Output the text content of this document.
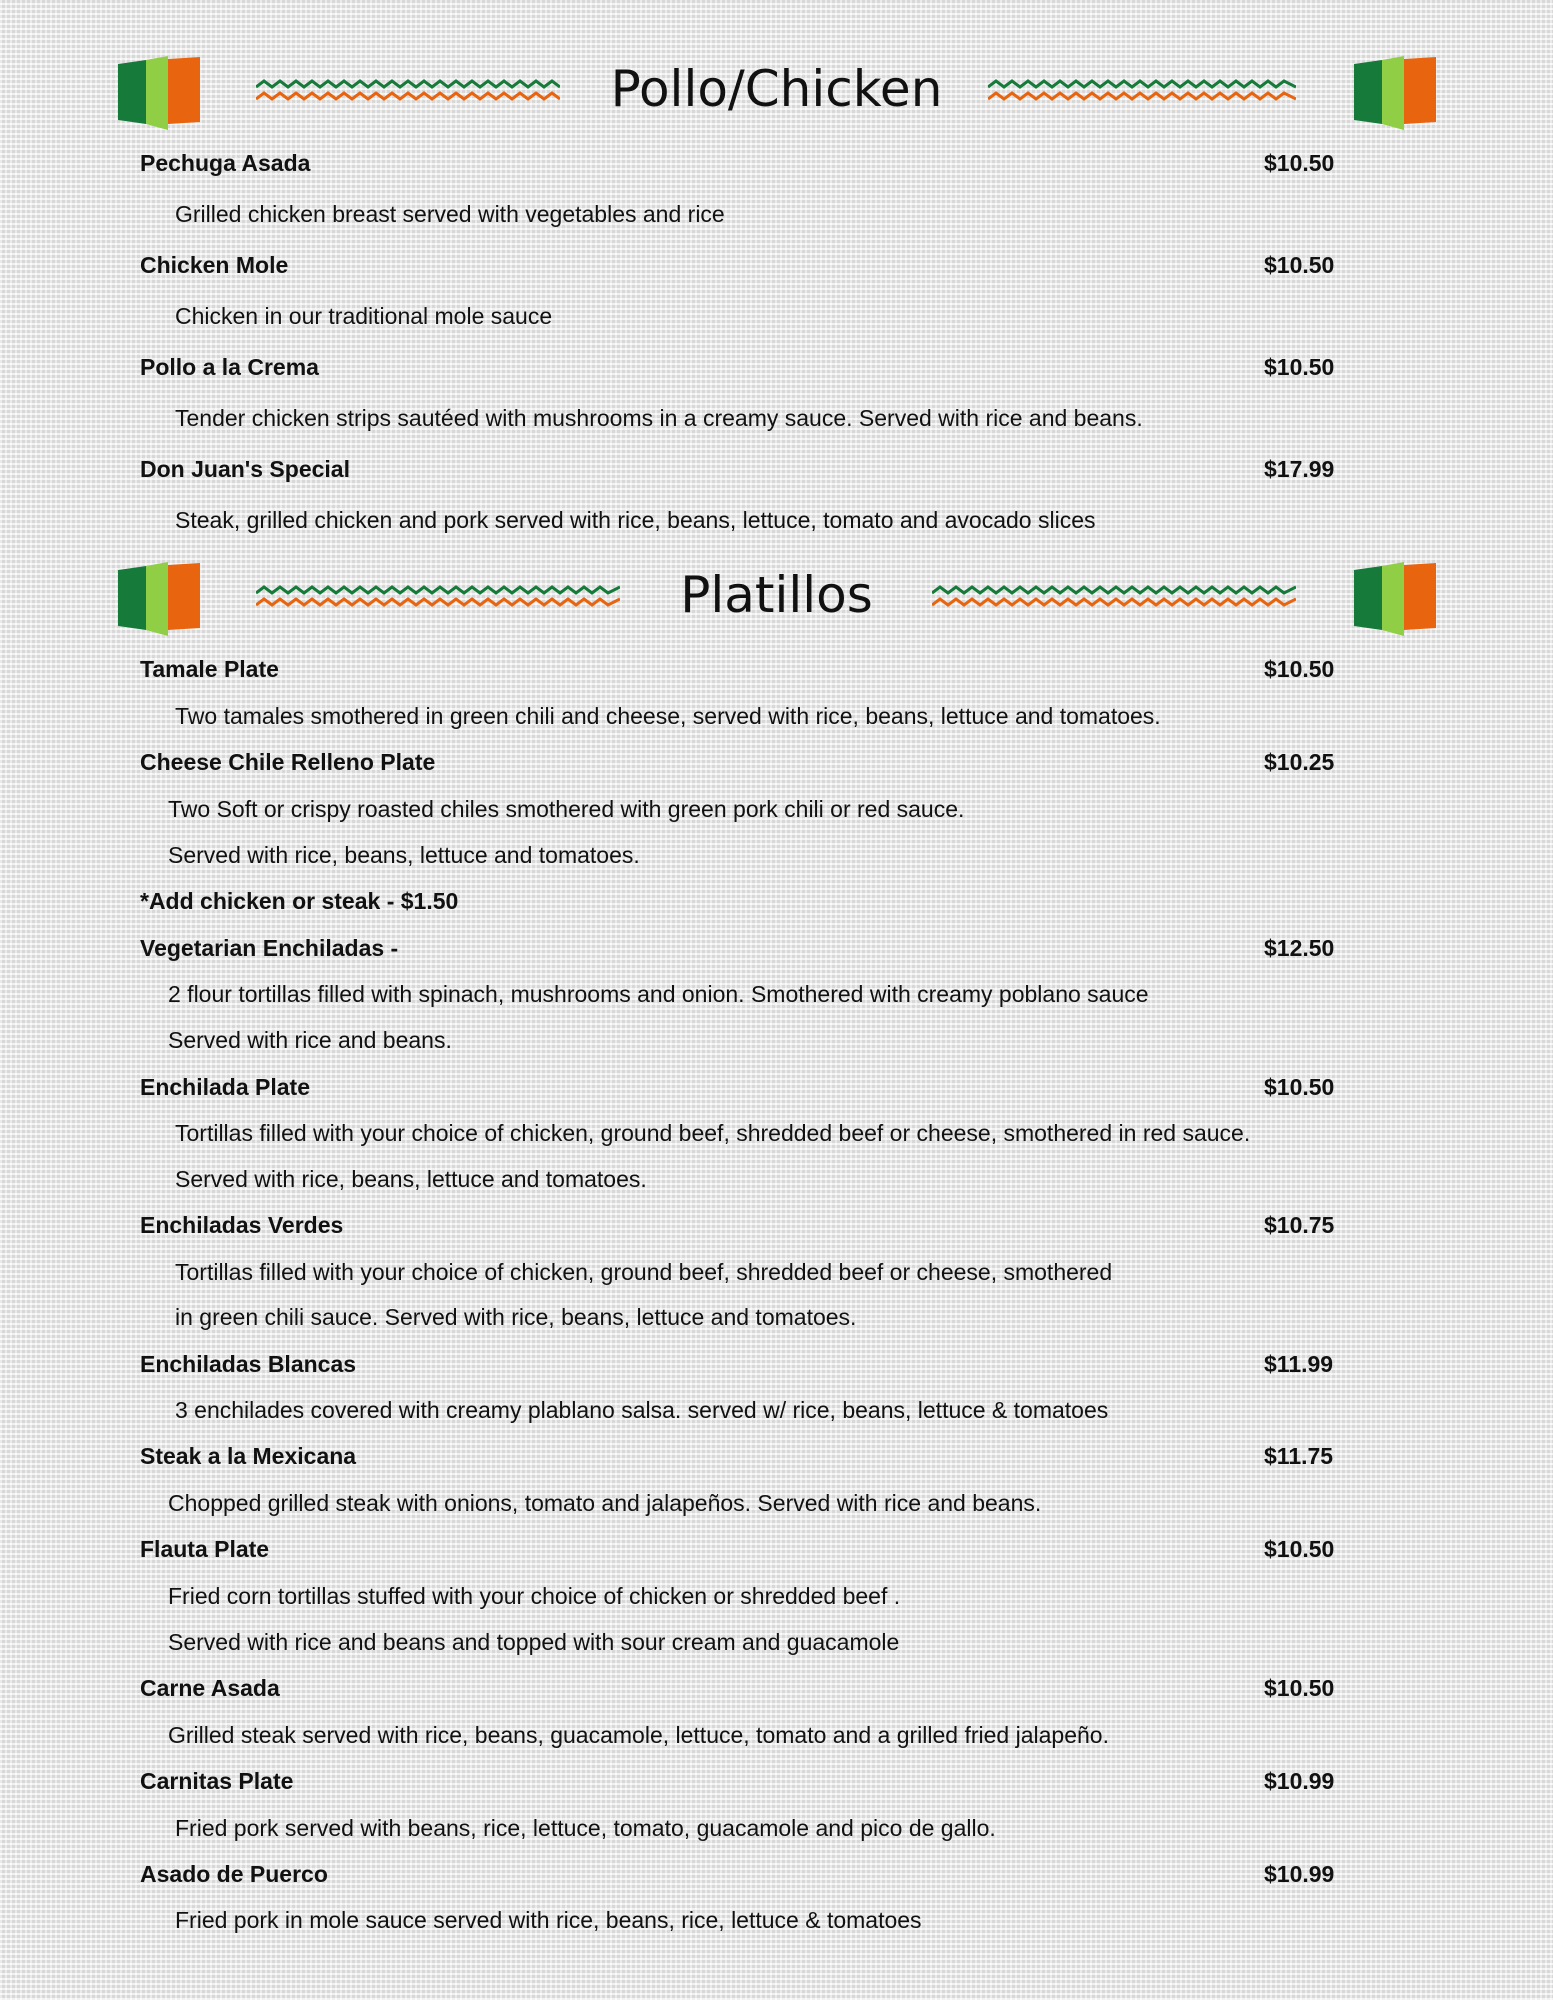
Pollo/Chicken
Pechuga Asada	$10.50
Grilled chicken breast served with vegetables and rice
Chicken Mole	$10.50
Chicken in our traditional mole sauce
Pollo a la Crema	$10.50
Tender chicken strips sautéed with mushrooms in a creamy sauce. Served with rice and beans.
Don Juan's Special	$17.99
Steak, grilled chicken and pork served with rice, beans, lettuce, tomato and avocado slices
Platillos
Tamale Plate	$10.50
Two tamales smothered in green chili and cheese, served with rice, beans, lettuce and tomatoes.
Cheese Chile Relleno Plate	$10.25
Two Soft or crispy roasted chiles smothered with green pork chili or red sauce.
Served with rice, beans, lettuce and tomatoes.
*Add chicken or steak - $1.50
Vegetarian Enchiladas -	$12.50
2 flour tortillas filled with spinach, mushrooms and onion. Smothered with creamy poblano sauce
Served with rice and beans.
Enchilada Plate	$10.50
Tortillas filled with your choice of chicken, ground beef, shredded beef or cheese, smothered in red sauce.
Served with rice, beans, lettuce and tomatoes.
Enchiladas Verdes	$10.75
Tortillas filled with your choice of chicken, ground beef, shredded beef or cheese, smothered
in green chili sauce. Served with rice, beans, lettuce and tomatoes.
Enchiladas Blancas	$11.99
3 enchilades covered with creamy plablano salsa. served w/ rice, beans, lettuce & tomatoes
Steak a la Mexicana	$11.75
Chopped grilled steak with onions, tomato and jalapeños. Served with rice and beans.
Flauta Plate	$10.50
Fried corn tortillas stuffed with your choice of chicken or shredded beef .
Served with rice and beans and topped with sour cream and guacamole
Carne Asada	$10.50
Grilled steak served with rice, beans, guacamole, lettuce, tomato and a grilled fried jalapeño.
Carnitas Plate	$10.99
Fried pork served with beans, rice, lettuce, tomato, guacamole and pico de gallo.
Asado de Puerco	$10.99
Fried pork in mole sauce served with rice, beans, rice, lettuce & tomatoes
